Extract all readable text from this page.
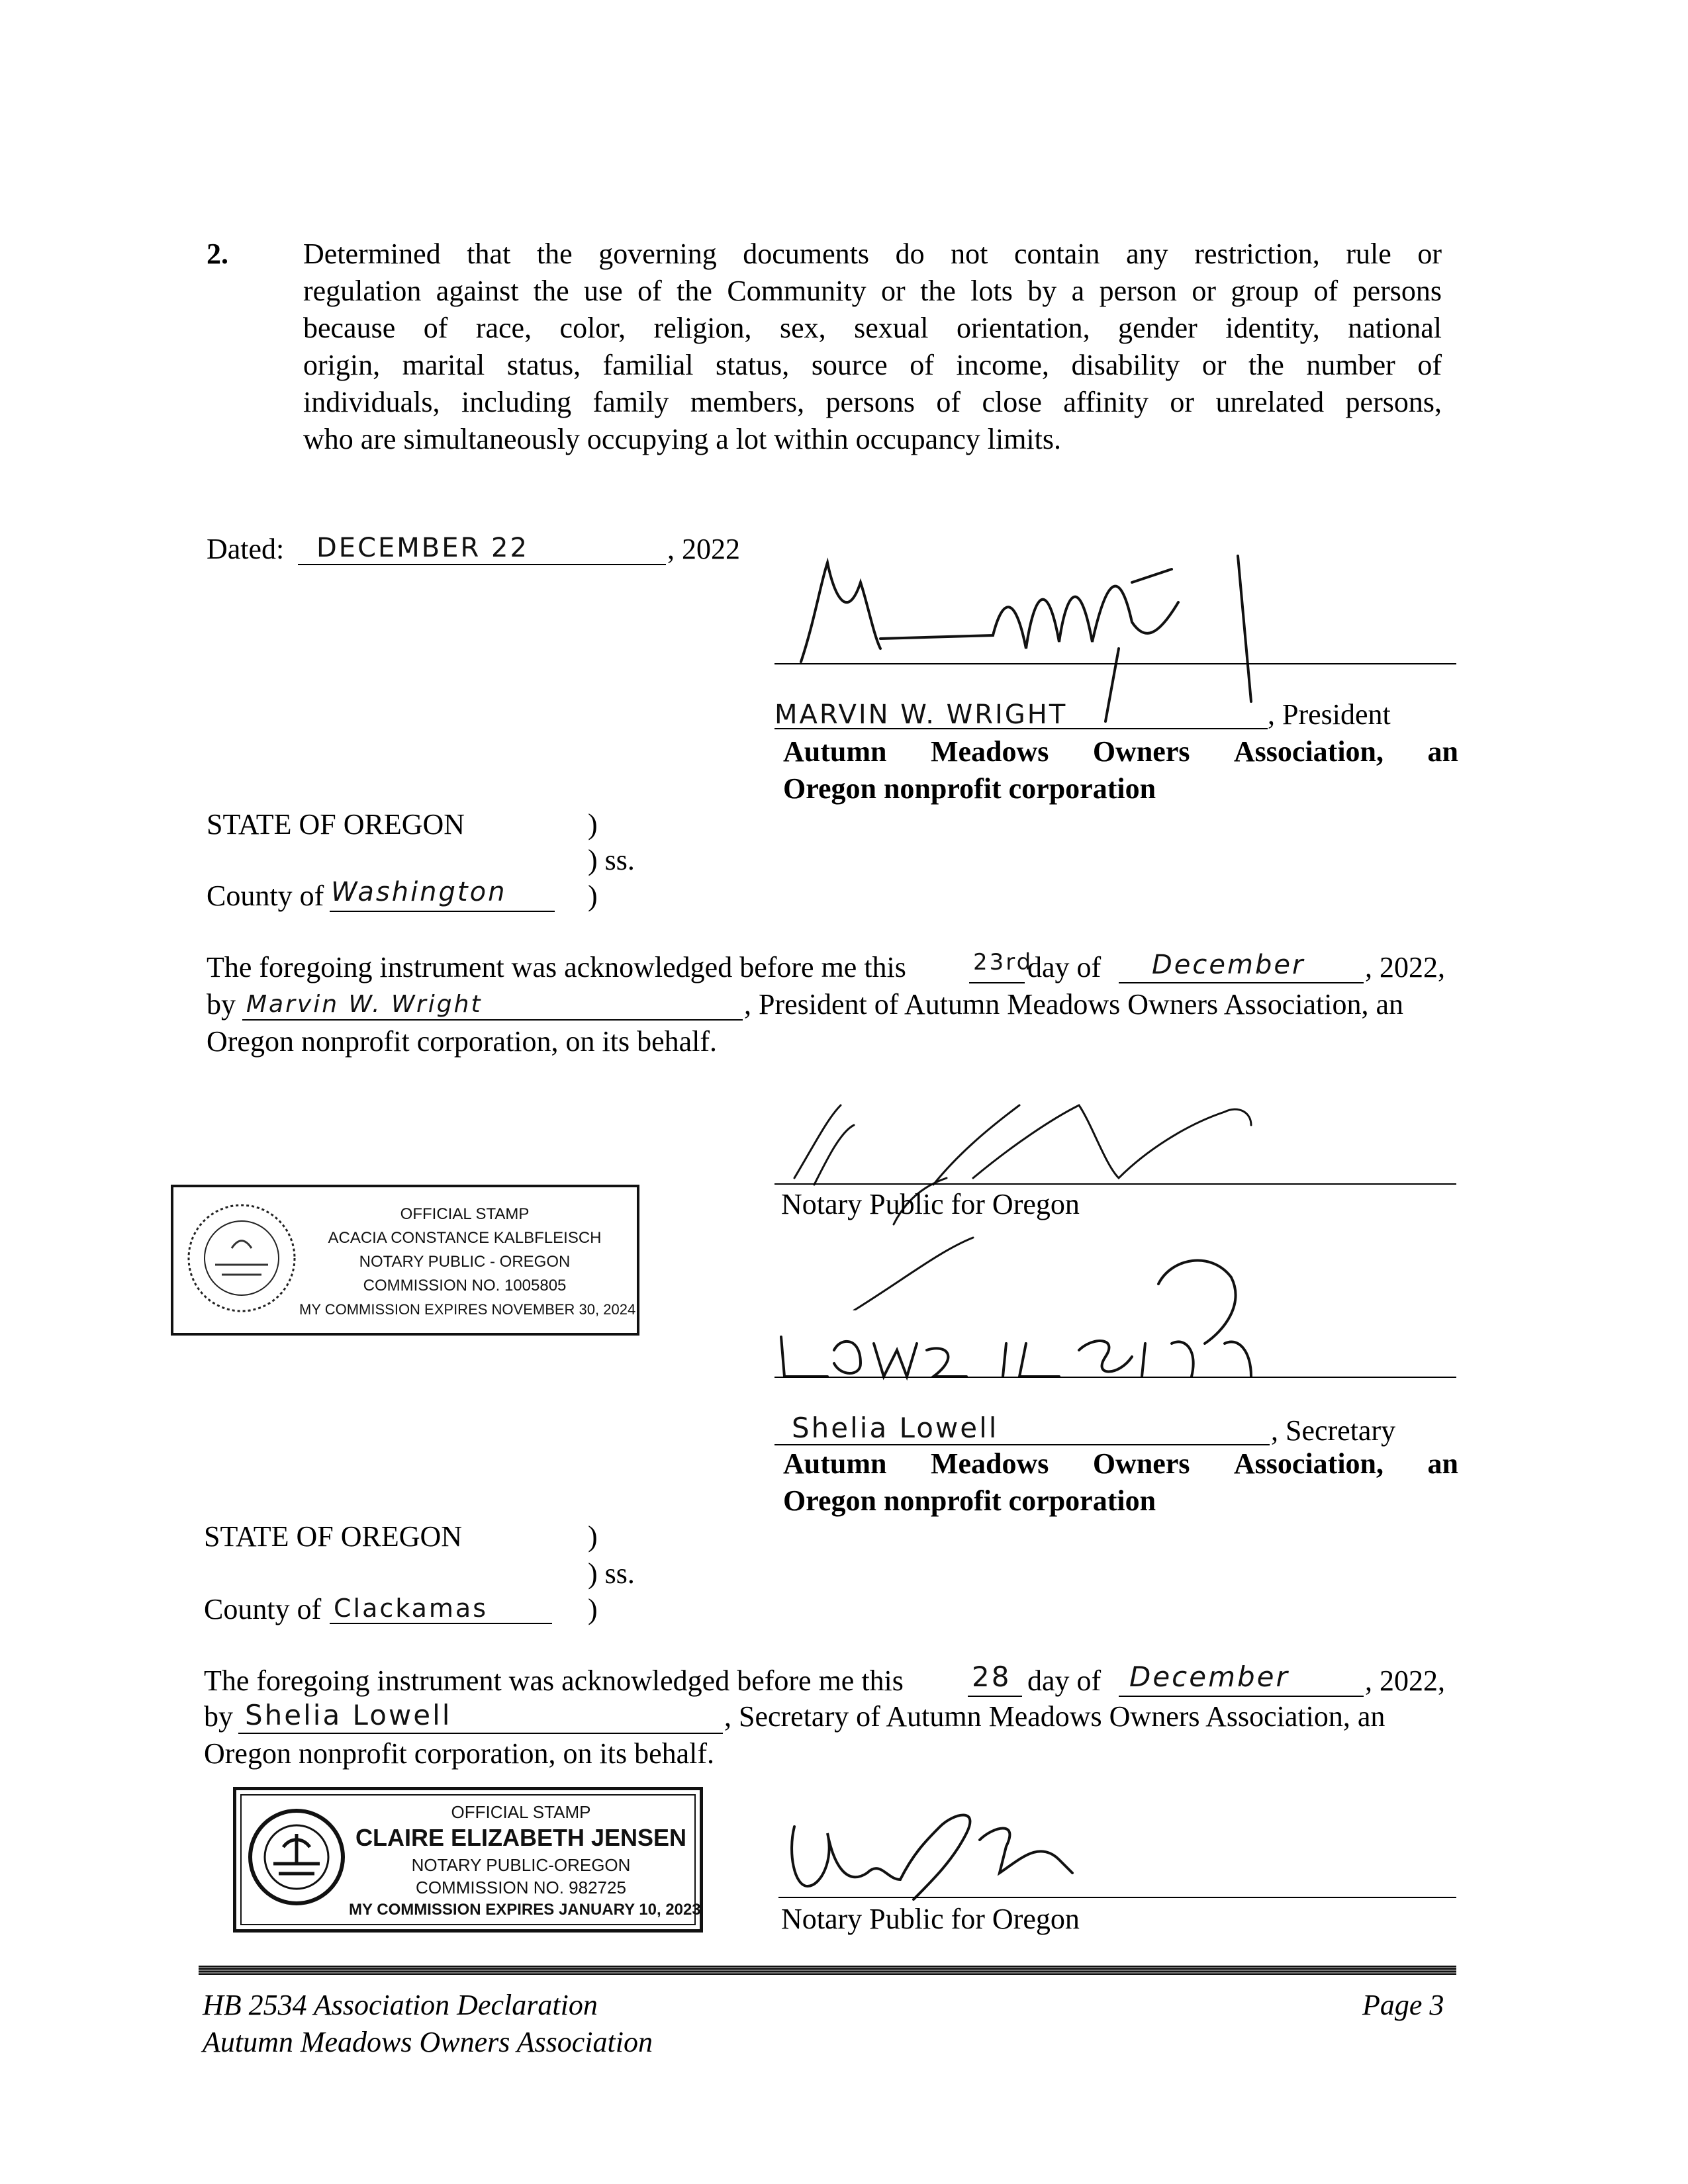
2.	Determined that the governing documents do not contain any restriction, rule or
regulation against the use of the Community or the lots by a person or group of persons
because of race, color, religion, sex, sexual orientation, gender identity, national
origin, marital status, familial status, source of income, disability or the number of
individuals, including family members, persons of close affinity or unrelated persons,
who are simultaneously occupying a lot within occupancy limits.
Dated: DECEMBER 22	, 2022
MARVIN W. WRIGHT	, President
Autumn Meadows Owners Association, an
Oregon nonprofit corporation
STATE OF OREGON	)
) ss.
County of Washington	)
The foregoing instrument was acknowledged before me this	23rd
day of December , 2022,
by Marvin W. Wright	, President of Autumn Meadows Owners Association, an
Oregon nonprofit corporation, on its behalf.
Notary Public for Oregon
OFFICIAL STAMP
ACACIA CONSTANCE KALBFLEISCH
NOTARY PUBLIC - OREGON
COMMISSION NO. 1005805
MY COMMISSION EXPIRES NOVEMBER 30, 2024
Shelia Lowell	, Secretary
Autumn Meadows Owners Association, an
Oregon nonprofit corporation
STATE OF OREGON	)
) ss.
County of Clackamas	)
The foregoing instrument was acknowledged before me this 28 day of December	, 2022,
by Shelia Lowell	, Secretary of Autumn Meadows Owners Association, an
Oregon nonprofit corporation, on its behalf.
OFFICIAL STAMP
CLAIRE ELIZABETH JENSEN
NOTARY PUBLIC-OREGON
COMMISSION NO. 982725
MY COMMISSION EXPIRES JANUARY 10, 2023	Notary Public for Oregon
HB 2534 Association Declaration
Autumn Meadows Owners Association
Page 3
